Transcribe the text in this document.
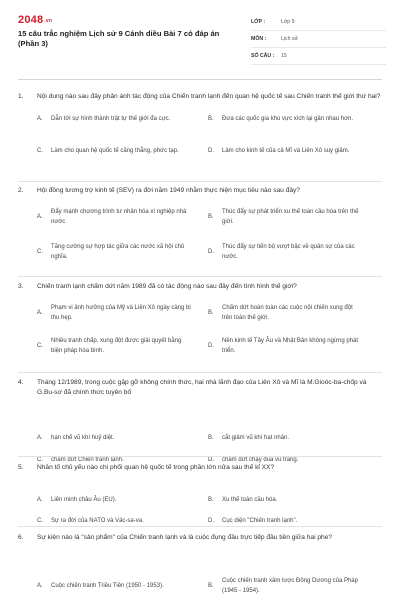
2048.vn
15 câu trắc nghiệm Lịch sử 9 Cánh diều Bài 7 có đáp án (Phần 3)
LỚP :	Lớp 9
MÔN :	Lịch sử
SỐ CÂU :	15
1.	Nội dung nào sau đây phản ánh tác động của Chiến tranh lạnh đến quan hệ quốc tế sau Chiến tranh thế giới thứ hai?
A.	Dẫn tới sự hình thành trật tự thế giới đa cực.	B.	Đưa các quốc gia khu vực xích lại gần nhau hơn.
C.	Làm cho quan hệ quốc tế căng thẳng, phức tạp.	D.	Làm cho kinh tế của cả Mĩ và Liên Xô suy giảm.
2.	Hội đồng tương trợ kinh tế (SEV) ra đời năm 1949 nhằm thực hiện mục tiêu nào sau đây?
A.
Đẩy mạnh chương trình tư nhân hóa xí nghiệp nhà nước
B.
Thúc đẩy sự phát triển xu thế toàn cầu hóa trên thế giới.
C.
Tăng cường sự hợp tác giữa các nước xã hội chủ nghĩa.
D.
Thúc đẩy sự tiến bộ vượt bậc về quân sự của các nước.
3.	Chiến tranh lạnh chấm dứt năm 1989 đã có tác động nào sau đây đến tình hình thế giới?
A.
Phạm vi ảnh hưởng của Mỹ và Liên Xô ngày càng bị thu hẹp.
B.
Chấm dứt hoàn toàn các cuộc nội chiến xung đột trên toàn thế giới.
C.
Nhiều tranh chấp, xung đột được giải quyết bằng biện pháp hòa bình.
D.
Nền kinh tế Tây Âu và Nhật Bản không ngừng phát triển.
4.	Tháng 12/1989, trong cuộc gặp gỡ không chính thức, hai nhà lãnh đạo của Liên Xô và Mĩ là M.Gioóc-ba-chốp và G.Bu-sơ đã chính thức tuyên bố
A.	hạn chế vũ khí huỷ diệt.	B.	cắt giảm vũ khí hạt nhân.
C.	chấm dứt Chiến tranh lạnh.	D.	chấm dứt chạy đua vũ trang.
5.	Nhân tố chủ yếu nào chi phối quan hệ quốc tế trong phần lớn nửa sau thế kỉ XX?
A.	Liên minh châu Âu (EU).	B.	Xu thế toàn cầu hóa.
C.	Sự ra đời của NATO và Vác-sa-va.	D.	Cục diện "Chiến tranh lạnh".
6.	Sự kiện nào là "sản phẩm" của Chiến tranh lạnh và là cuộc đụng đầu trực tiếp đầu tiên giữa hai phe?
A.	Cuộc chiến tranh Triều Tiên (1950 - 1953).	B.
Cuộc chiến tranh xâm lược Đông Dương của Pháp (1945 - 1954).
